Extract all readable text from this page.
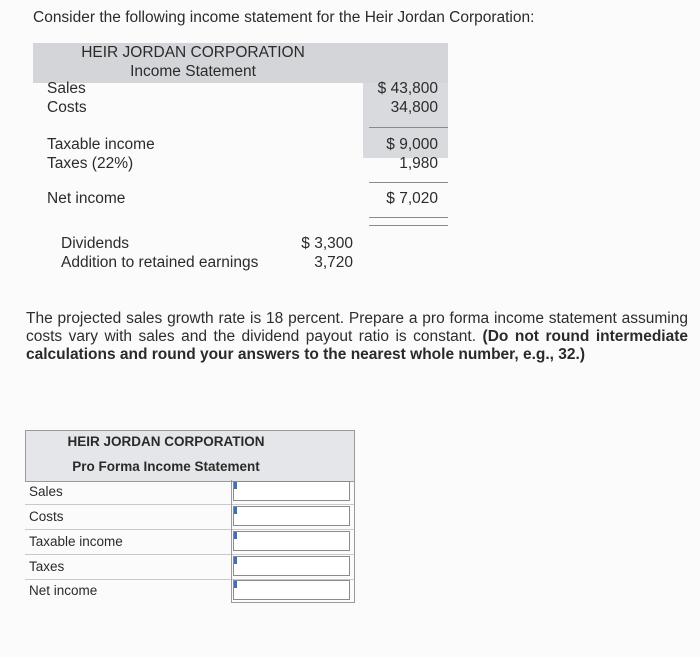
Consider the following income statement for the Heir Jordan Corporation:
HEIR JORDAN CORPORATION
Income Statement
Sales	$ 43,800
Costs	34,800
Taxable income	$ 9,000
Taxes (22%)	1,980
Net income	$ 7,020
Dividends	$ 3,300
Addition to retained earnings	3,720
The projected sales growth rate is 18 percent. Prepare a pro forma income statement assuming costs vary with sales and the dividend payout ratio is constant. (Do not round intermediate calculations and round your answers to the nearest whole number, e.g., 32.)
HEIR JORDAN CORPORATION
Pro Forma Income Statement
Sales
Costs
Taxable income
Taxes
Net income
